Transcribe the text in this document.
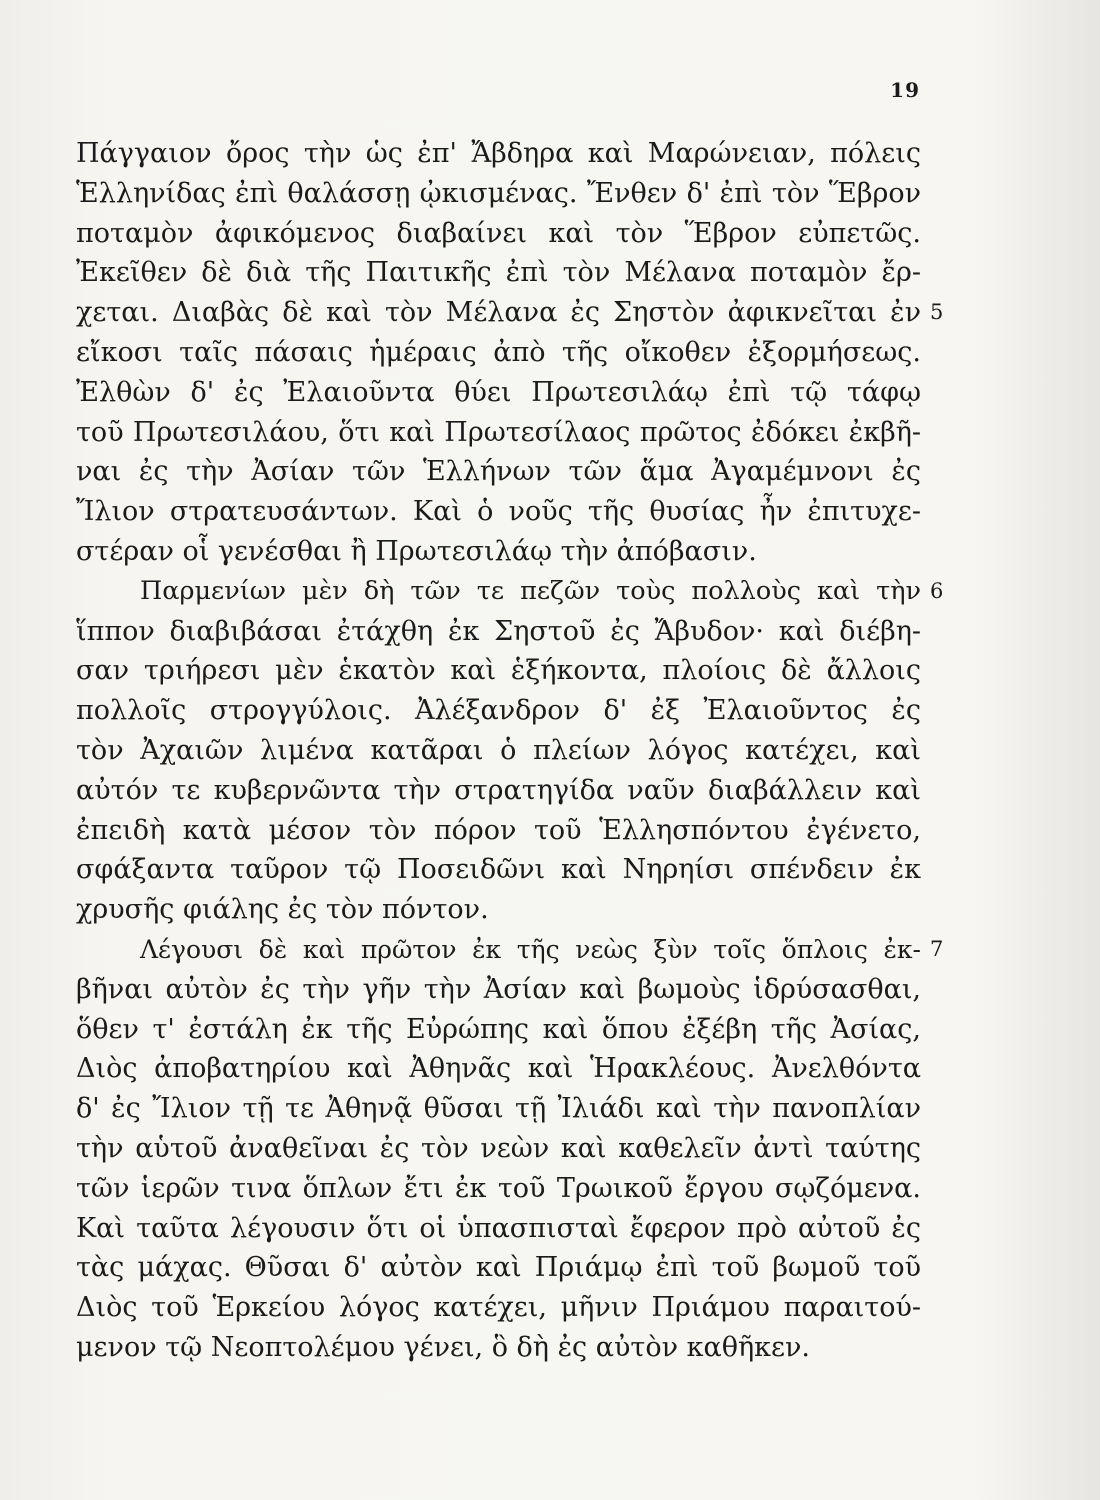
19
Πάγγαιον ὄρος τὴν ὡς ἐπ' Ἄβδηρα καὶ Μαρώνειαν, πόλεις
Ἑλληνίδας ἐπὶ θαλάσσῃ ᾠκισμένας. Ἔνθεν δ' ἐπὶ τὸν Ἕβρον
ποταμὸν ἀφικόμενος διαβαίνει καὶ τὸν Ἕβρον εὐπετῶς.
Ἐκεῖθεν δὲ διὰ τῆς Παιτικῆς ἐπὶ τὸν Μέλανα ποταμὸν ἔρ-
χεται. Διαβὰς δὲ καὶ τὸν Μέλανα ἐς Σηστὸν ἀφικνεῖται ἐν 5
εἴκοσι ταῖς πάσαις ἡμέραις ἀπὸ τῆς οἴκοθεν ἐξορμήσεως.
Ἐλθὼν δ' ἐς Ἐλαιοῦντα θύει Πρωτεσιλάῳ ἐπὶ τῷ τάφῳ
τοῦ Πρωτεσιλάου, ὅτι καὶ Πρωτεσίλαος πρῶτος ἐδόκει ἐκβῆ-
ναι ἐς τὴν Ἀσίαν τῶν Ἑλλήνων τῶν ἅμα Ἀγαμέμνονι ἐς
Ἴλιον στρατευσάντων. Καὶ ὁ νοῦς τῆς θυσίας ἦν ἐπιτυχε-
στέραν οἷ γενέσθαι ἢ Πρωτεσιλάῳ τὴν ἀπόβασιν.
Παρμενίων μὲν δὴ τῶν τε πεζῶν τοὺς πολλοὺς καὶ τὴν 6
ἵππον διαβιβάσαι ἐτάχθη ἐκ Σηστοῦ ἐς Ἄβυδον· καὶ διέβη-
σαν τριήρεσι μὲν ἑκατὸν καὶ ἑξήκοντα, πλοίοις δὲ ἄλλοις
πολλοῖς στρογγύλοις. Ἀλέξανδρον δ' ἐξ Ἐλαιοῦντος ἐς
τὸν Ἀχαιῶν λιμένα κατᾶραι ὁ πλείων λόγος κατέχει, καὶ
αὐτόν τε κυβερνῶντα τὴν στρατηγίδα ναῦν διαβάλλειν καὶ
ἐπειδὴ κατὰ μέσον τὸν πόρον τοῦ Ἑλλησπόντου ἐγένετο,
σφάξαντα ταῦρον τῷ Ποσειδῶνι καὶ Νηρηίσι σπένδειν ἐκ
χρυσῆς φιάλης ἐς τὸν πόντον.
Λέγουσι δὲ καὶ πρῶτον ἐκ τῆς νεὼς ξὺν τοῖς ὅπλοις ἐκ- 7
βῆναι αὐτὸν ἐς τὴν γῆν τὴν Ἀσίαν καὶ βωμοὺς ἱδρύσασθαι,
ὅθεν τ' ἐστάλη ἐκ τῆς Εὐρώπης καὶ ὅπου ἐξέβη τῆς Ἀσίας,
Διὸς ἀποβατηρίου καὶ Ἀθηνᾶς καὶ Ἡρακλέους. Ἀνελθόντα
δ' ἐς Ἴλιον τῇ τε Ἀθηνᾷ θῦσαι τῇ Ἰλιάδι καὶ τὴν πανοπλίαν
τὴν αὑτοῦ ἀναθεῖναι ἐς τὸν νεὼν καὶ καθελεῖν ἀντὶ ταύτης
τῶν ἱερῶν τινα ὅπλων ἔτι ἐκ τοῦ Τρωικοῦ ἔργου σῳζόμενα.
Καὶ ταῦτα λέγουσιν ὅτι οἱ ὑπασπισταὶ ἔφερον πρὸ αὐτοῦ ἐς
τὰς μάχας. Θῦσαι δ' αὐτὸν καὶ Πριάμῳ ἐπὶ τοῦ βωμοῦ τοῦ
Διὸς τοῦ Ἑρκείου λόγος κατέχει, μῆνιν Πριάμου παραιτού-
μενον τῷ Νεοπτολέμου γένει, ὃ δὴ ἐς αὐτὸν καθῆκεν.
